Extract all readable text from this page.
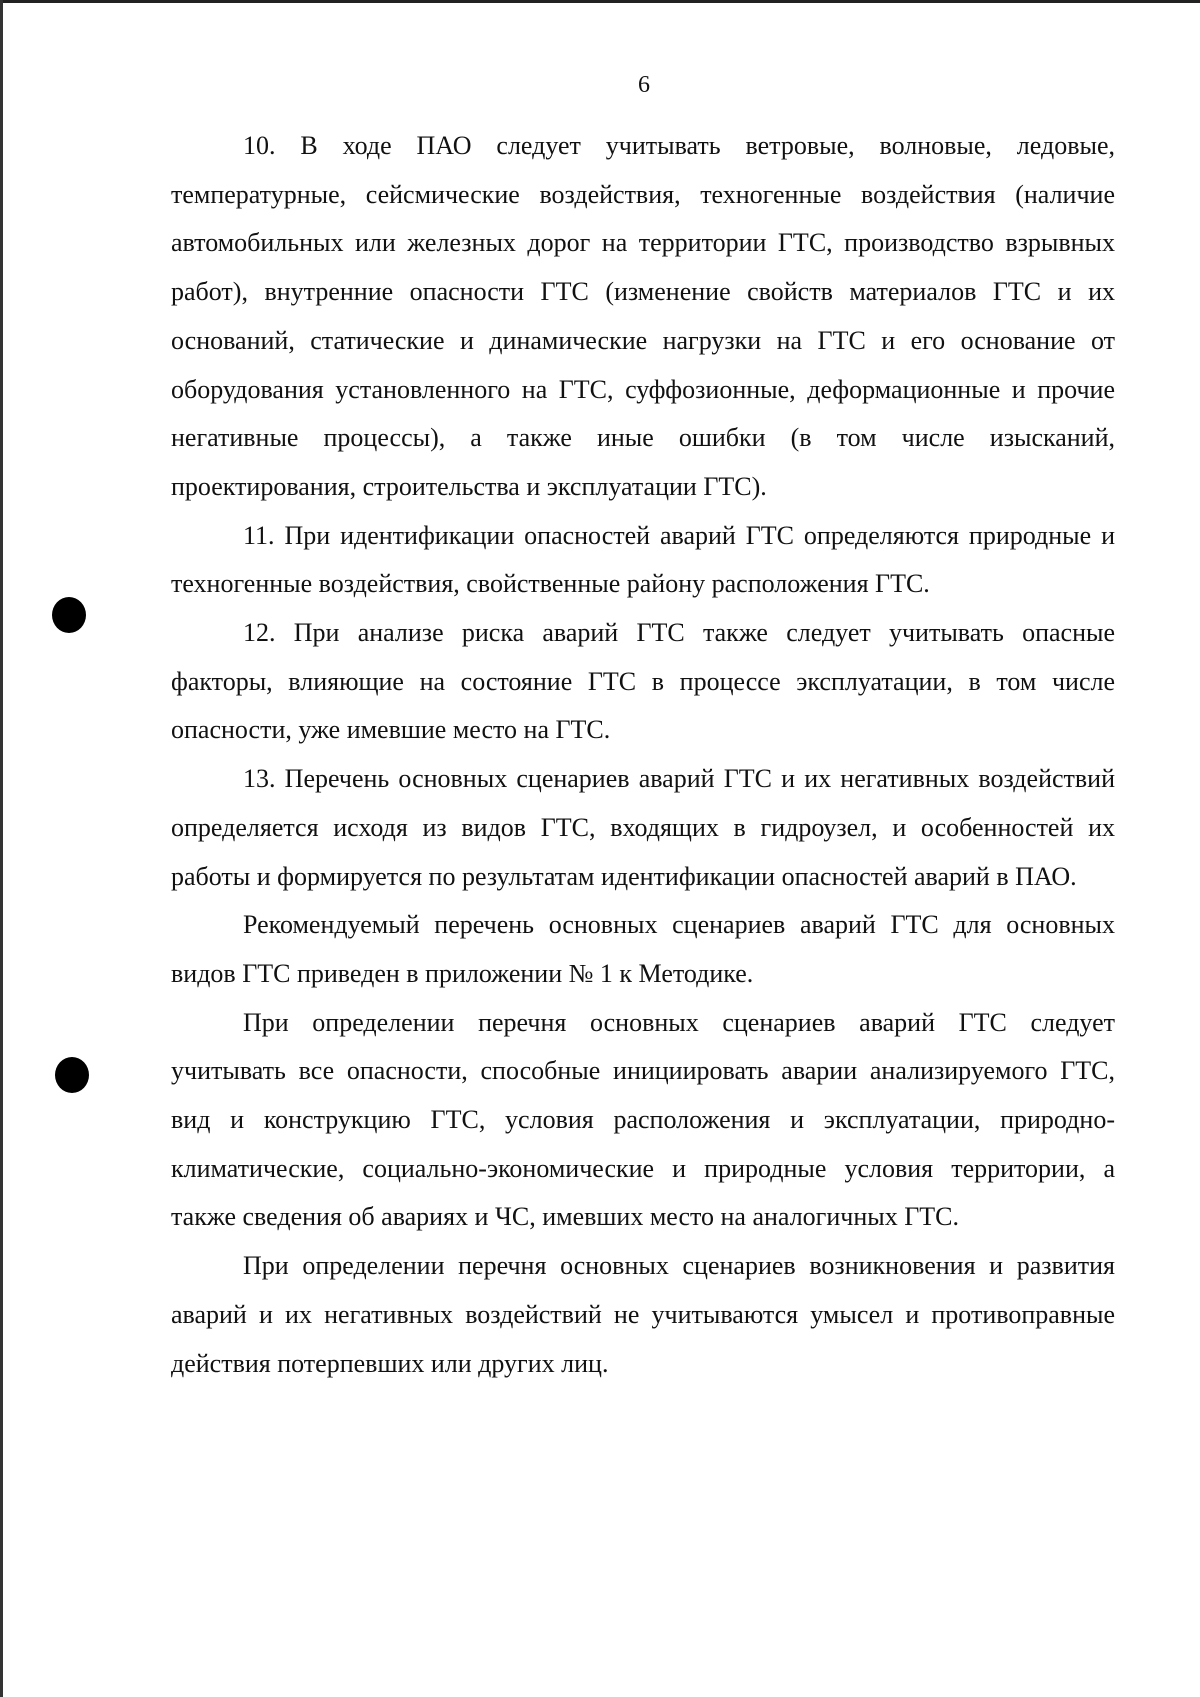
6

10. В ходе ПАО следует учитывать ветровые, волновые, ледовые, температурные, сейсмические воздействия, техногенные воздействия (наличие автомобильных или железных дорог на территории ГТС, производство взрывных работ), внутренние опасности ГТС (изменение свойств материалов ГТС и их оснований, статические и динамические нагрузки на ГТС и его основание от оборудования установленного на ГТС, суффозионные, деформационные и прочие негативные процессы), а также иные ошибки (в том числе изысканий, проектирования, строительства и эксплуатации ГТС).

11. При идентификации опасностей аварий ГТС определяются природные и техногенные воздействия, свойственные району расположения ГТС.

12. При анализе риска аварий ГТС также следует учитывать опасные факторы, влияющие на состояние ГТС в процессе эксплуатации, в том числе опасности, уже имевшие место на ГТС.

13. Перечень основных сценариев аварий ГТС и их негативных воздействий определяется исходя из видов ГТС, входящих в гидроузел, и особенностей их работы и формируется по результатам идентификации опасностей аварий в ПАО.

Рекомендуемый перечень основных сценариев аварий ГТС для основных видов ГТС приведен в приложении № 1 к Методике.

При определении перечня основных сценариев аварий ГТС следует учитывать все опасности, способные инициировать аварии анализируемого ГТС, вид и конструкцию ГТС, условия расположения и эксплуатации, природно-климатические, социально-экономические и природные условия территории, а также сведения об авариях и ЧС, имевших место на аналогичных ГТС.

При определении перечня основных сценариев возникновения и развития аварий и их негативных воздействий не учитываются умысел и противоправные действия потерпевших или других лиц.
